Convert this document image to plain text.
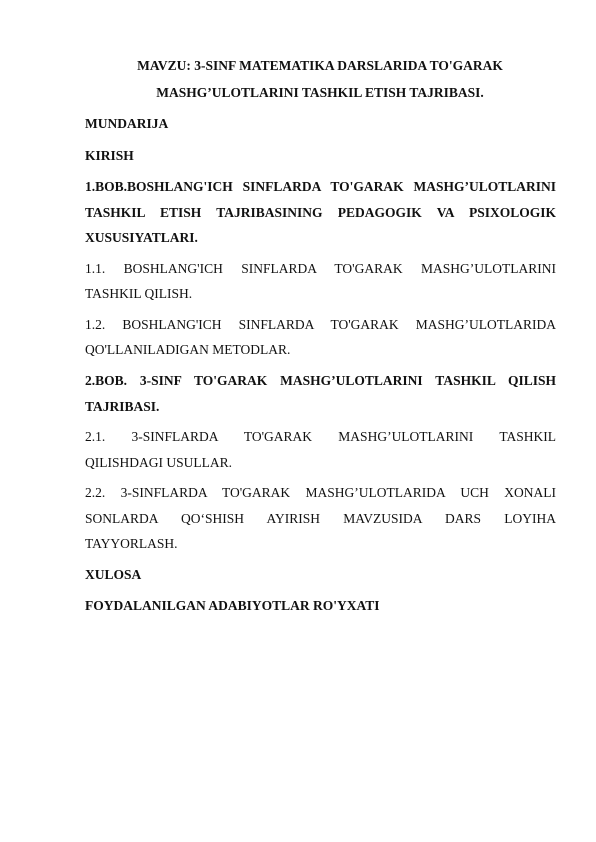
MAVZU: 3-SINF MATEMATIKA DARSLARIDA TO'GARAK
MASHG’ULOTLARINI TASHKIL ETISH TAJRIBASI.
MUNDARIJA
KIRISH
1.BOB.BOSHLANG'ICH SINFLARDA TO'GARAK MASHG’ULOTLARINI
TASHKIL ETISH TAJRIBASINING PEDAGOGIK VA PSIXOLOGIK
XUSUSIYATLARI.
1.1. BOSHLANG'ICH SINFLARDA TO'GARAK MASHG’ULOTLARINI
TASHKIL QILISH.
1.2. BOSHLANG'ICH SINFLARDA TO'GARAK MASHG’ULOTLARIDA
QO'LLANILADIGAN METODLAR.
2.BOB. 3-SINF TO'GARAK MASHG’ULOTLARINI TASHKIL QILISH
TAJRIBASI.
2.1. 3-SINFLARDA TO'GARAK MASHG’ULOTLARINI TASHKIL
QILISHDAGI USULLAR.
2.2. 3-SINFLARDA TO'GARAK MASHG’ULOTLARIDA UCH XONALI
SONLARDA QO‘SHISH AYIRISH MAVZUSIDA DARS LOYIHA
TAYYORLASH.
XULOSA
FOYDALANILGAN ADABIYOTLAR RO'YXATI
